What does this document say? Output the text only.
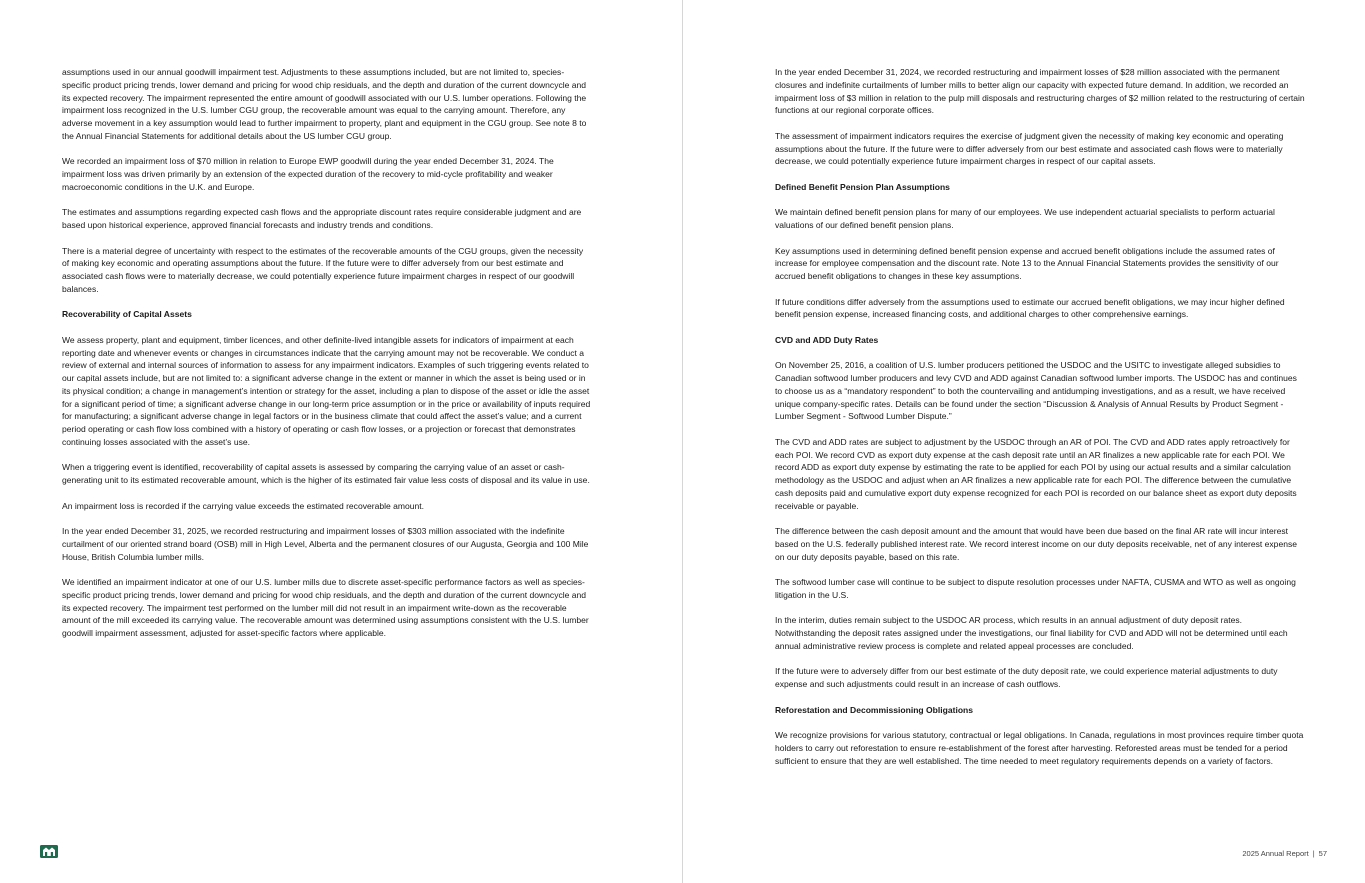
assumptions used in our annual goodwill impairment test. Adjustments to these assumptions included, but are not limited to, species-specific product pricing trends, lower demand and pricing for wood chip residuals, and the depth and duration of the current downcycle and its expected recovery. The impairment represented the entire amount of goodwill associated with our U.S. lumber operations. Following the impairment loss recognized in the U.S. lumber CGU group, the recoverable amount was equal to the carrying amount. Therefore, any adverse movement in a key assumption would lead to further impairment to property, plant and equipment in the CGU group. See note 8 to the Annual Financial Statements for additional details about the US lumber CGU group.

We recorded an impairment loss of $70 million in relation to Europe EWP goodwill during the year ended December 31, 2024. The impairment loss was driven primarily by an extension of the expected duration of the recovery to mid-cycle profitability and weaker macroeconomic conditions in the U.K. and Europe.

The estimates and assumptions regarding expected cash flows and the appropriate discount rates require considerable judgment and are based upon historical experience, approved financial forecasts and industry trends and conditions.

There is a material degree of uncertainty with respect to the estimates of the recoverable amounts of the CGU groups, given the necessity of making key economic and operating assumptions about the future. If the future were to differ adversely from our best estimate and associated cash flows were to materially decrease, we could potentially experience future impairment charges in respect of our goodwill balances.

Recoverability of Capital Assets

We assess property, plant and equipment, timber licences, and other definite-lived intangible assets for indicators of impairment at each reporting date and whenever events or changes in circumstances indicate that the carrying amount may not be recoverable. We conduct a review of external and internal sources of information to assess for any impairment indicators. Examples of such triggering events related to our capital assets include, but are not limited to: a significant adverse change in the extent or manner in which the asset is being used or in its physical condition; a change in management’s intention or strategy for the asset, including a plan to dispose of the asset or idle the asset for a significant period of time; a significant adverse change in our long-term price assumption or in the price or availability of inputs required for manufacturing; a significant adverse change in legal factors or in the business climate that could affect the asset’s value; and a current period operating or cash flow loss combined with a history of operating or cash flow losses, or a projection or forecast that demonstrates continuing losses associated with the asset’s use.

When a triggering event is identified, recoverability of capital assets is assessed by comparing the carrying value of an asset or cash-generating unit to its estimated recoverable amount, which is the higher of its estimated fair value less costs of disposal and its value in use.

An impairment loss is recorded if the carrying value exceeds the estimated recoverable amount.

In the year ended December 31, 2025, we recorded restructuring and impairment losses of $303 million associated with the indefinite curtailment of our oriented strand board (OSB) mill in High Level, Alberta and the permanent closures of our Augusta, Georgia and 100 Mile House, British Columbia lumber mills.

We identified an impairment indicator at one of our U.S. lumber mills due to discrete asset-specific performance factors as well as species-specific product pricing trends, lower demand and pricing for wood chip residuals, and the depth and duration of the current downcycle and its expected recovery. The impairment test performed on the lumber mill did not result in an impairment write-down as the recoverable amount of the mill exceeded its carrying value. The recoverable amount was determined using assumptions consistent with the U.S. lumber goodwill impairment assessment, adjusted for asset-specific factors where applicable.

In the year ended December 31, 2024, we recorded restructuring and impairment losses of $28 million associated with the permanent closures and indefinite curtailments of lumber mills to better align our capacity with expected future demand. In addition, we recorded an impairment loss of $3 million in relation to the pulp mill disposals and restructuring charges of $2 million related to the restructuring of certain functions at our regional corporate offices.

The assessment of impairment indicators requires the exercise of judgment given the necessity of making key economic and operating assumptions about the future. If the future were to differ adversely from our best estimate and associated cash flows were to materially decrease, we could potentially experience future impairment charges in respect of our capital assets.

Defined Benefit Pension Plan Assumptions

We maintain defined benefit pension plans for many of our employees. We use independent actuarial specialists to perform actuarial valuations of our defined benefit pension plans.

Key assumptions used in determining defined benefit pension expense and accrued benefit obligations include the assumed rates of increase for employee compensation and the discount rate. Note 13 to the Annual Financial Statements provides the sensitivity of our accrued benefit obligations to changes in these key assumptions.

If future conditions differ adversely from the assumptions used to estimate our accrued benefit obligations, we may incur higher defined benefit pension expense, increased financing costs, and additional charges to other comprehensive earnings.

CVD and ADD Duty Rates

On November 25, 2016, a coalition of U.S. lumber producers petitioned the USDOC and the USITC to investigate alleged subsidies to Canadian softwood lumber producers and levy CVD and ADD against Canadian softwood lumber imports. The USDOC has and continues to choose us as a “mandatory respondent” to both the countervailing and antidumping investigations, and as a result, we have received unique company-specific rates. Details can be found under the section “Discussion & Analysis of Annual Results by Product Segment - Lumber Segment - Softwood Lumber Dispute.”

The CVD and ADD rates are subject to adjustment by the USDOC through an AR of POI. The CVD and ADD rates apply retroactively for each POI. We record CVD as export duty expense at the cash deposit rate until an AR finalizes a new applicable rate for each POI. We record ADD as export duty expense by estimating the rate to be applied for each POI by using our actual results and a similar calculation methodology as the USDOC and adjust when an AR finalizes a new applicable rate for each POI. The difference between the cumulative cash deposits paid and cumulative export duty expense recognized for each POI is recorded on our balance sheet as export duty deposits receivable or payable.

The difference between the cash deposit amount and the amount that would have been due based on the final AR rate will incur interest based on the U.S. federally published interest rate. We record interest income on our duty deposits receivable, net of any interest expense on our duty deposits payable, based on this rate.

The softwood lumber case will continue to be subject to dispute resolution processes under NAFTA, CUSMA and WTO as well as ongoing litigation in the U.S.

In the interim, duties remain subject to the USDOC AR process, which results in an annual adjustment of duty deposit rates. Notwithstanding the deposit rates assigned under the investigations, our final liability for CVD and ADD will not be determined until each annual administrative review process is complete and related appeal processes are concluded.

If the future were to adversely differ from our best estimate of the duty deposit rate, we could experience material adjustments to duty expense and such adjustments could result in an increase of cash outflows.

Reforestation and Decommissioning Obligations

We recognize provisions for various statutory, contractual or legal obligations. In Canada, regulations in most provinces require timber quota holders to carry out reforestation to ensure re-establishment of the forest after harvesting. Reforested areas must be tended for a period sufficient to ensure that they are well established. The time needed to meet regulatory requirements depends on a variety of factors.

2025 Annual Report | 57
